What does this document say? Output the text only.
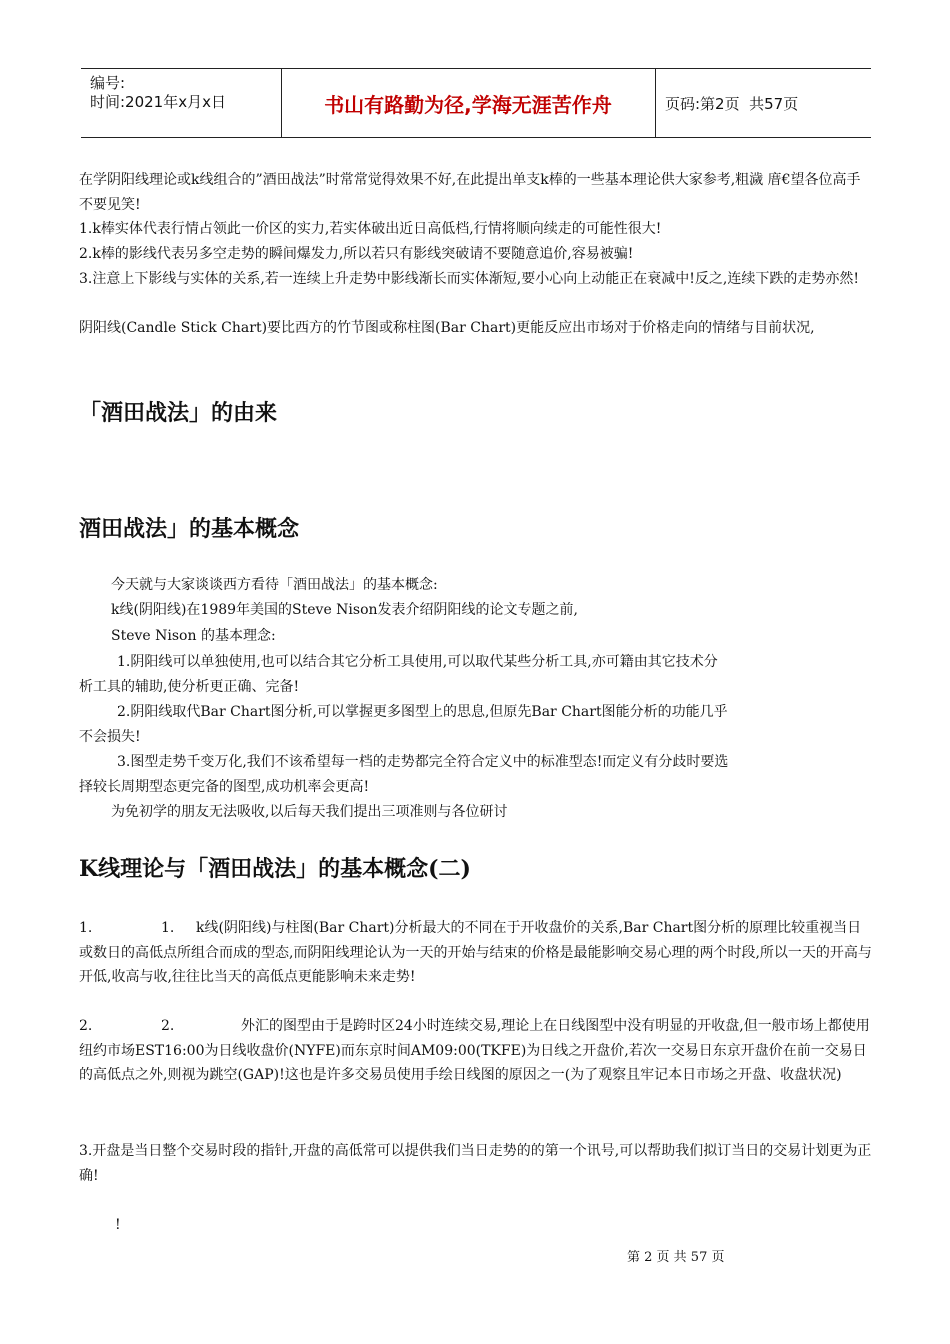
编号:
时间:2021年x月x日	书山有路勤为径,学海无涯苦作舟	页码:第2页  共57页
在学阴阳线理论或k线组合的”酒田战法”时常常觉得效果不好,在此提出单支k棒的一些基本理论供大家参考,粗濊 庴€望各位高手不要见笑!
1.k棒实体代表行情占领此一价区的实力,若实体破出近日高低档,行情将顺向续走的可能性很大!
2.k棒的影线代表另多空走势的瞬间爆发力,所以若只有影线突破请不要随意追价,容易被骗!
3.注意上下影线与实体的关系,若一连续上升走势中影线渐长而实体渐短,要小心向上动能正在衰减中!反之,连续下跌的走势亦然!
阴阳线(Candle Stick Chart)要比西方的竹节图或称柱图(Bar Chart)更能反应出市场对于价格走向的情绪与目前状况,
「酒田战法」的由来
酒田战法」的基本概念
今天就与大家谈谈西方看待「酒田战法」的基本概念:
k线(阴阳线)在1989年美国的Steve Nison发表介绍阴阳线的论文专题之前,
Steve Nison 的基本理念:
1.阴阳线可以单独使用,也可以结合其它分析工具使用,可以取代某些分析工具,亦可籍由其它技术分
析工具的辅助,使分析更正确、完备!
2.阴阳线取代Bar Chart图分析,可以掌握更多图型上的思息,但原先Bar Chart图能分析的功能几乎
不会损失!
3.图型走势千变万化,我们不该希望每一档的走势都完全符合定义中的标准型态!而定义有分歧时要选
择较长周期型态更完备的图型,成功机率会更高!
为免初学的朋友无法吸收,以后每天我们提出三项准则与各位研讨
K线理论与「酒田战法」的基本概念(二)
1.	1. k线(阴阳线)与柱图(Bar Chart)分析最大的不同在于开收盘价的关系,Bar Chart图分析的原理比较重视当日或数日的高低点所组合而成的型态,而阴阳线理论认为一天的开始与结束的价格是最能影响交易心理的两个时段,所以一天的开高与开低,收高与收,往往比当天的高低点更能影响未来走势!
2.	2.	外汇的图型由于是跨时区24小时连续交易,理论上在日线图型中没有明显的开收盘,但一般市场上都使用纽约市场EST16:00为日线收盘价(NYFE)而东京时间AM09:00(TKFE)为日线之开盘价,若次一交易日东京开盘价在前一交易日的高低点之外,则视为跳空(GAP)!这也是许多交易员使用手绘日线图的原因之一(为了观察且牢记本日市场之开盘、收盘状况)
3.开盘是当日整个交易时段的指针,开盘的高低常可以提供我们当日走势的的第一个讯号,可以帮助我们拟订当日的交易计划更为正确!
!
第 2 页 共 57 页
